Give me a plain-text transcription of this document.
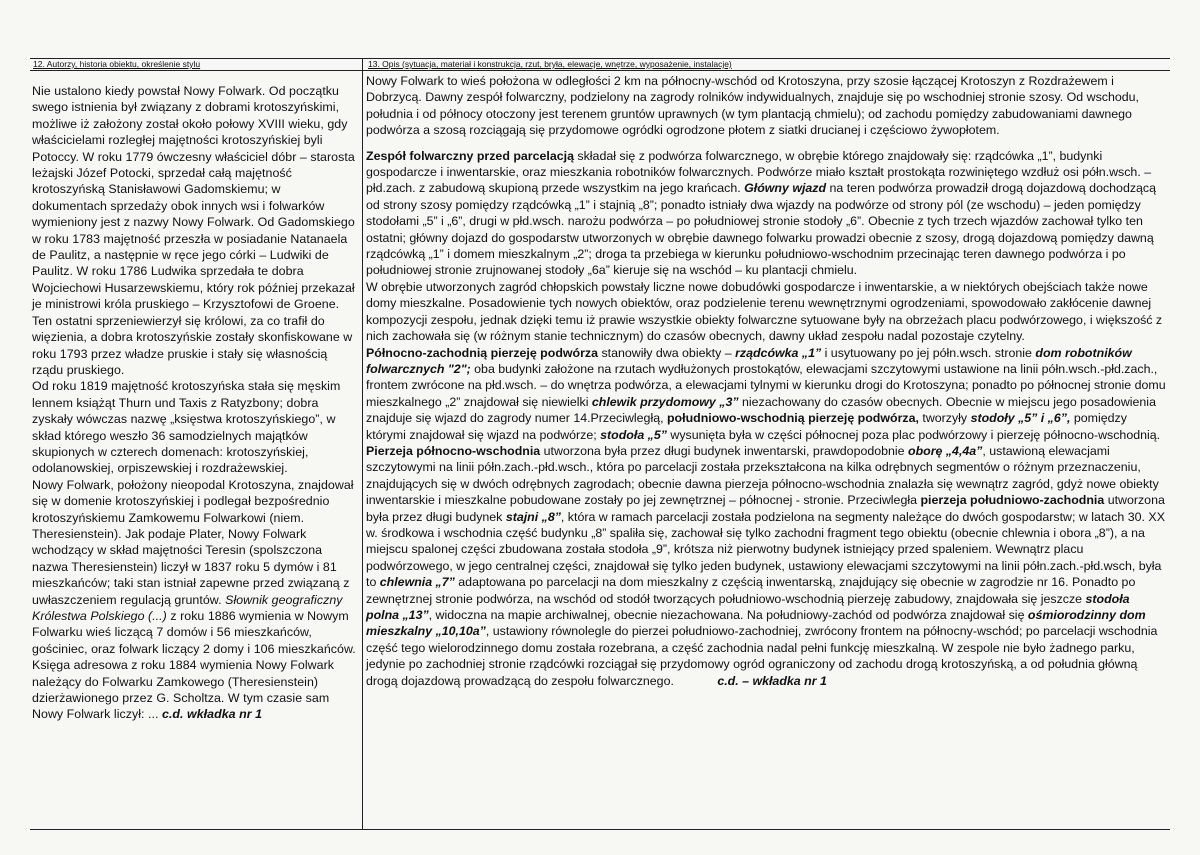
12. Autorzy, historia obiektu, określenie stylu	13. Opis (sytuacja, materiał i konstrukcja, rzut, bryła, elewacje, wnętrze, wyposażenie, instalacje)

Nie ustalono kiedy powstał Nowy Folwark. Od początku swego istnienia był związany z dobrami krotoszyńskimi, możliwe iż założony został około połowy XVIII wieku, gdy właścicielami rozległej majętności krotoszyńskiej byli Potoccy. W roku 1779 ówczesny właściciel dóbr – starosta leżajski Józef Potocki, sprzedał całą majętność krotoszyńską Stanisławowi Gadomskiemu; w dokumentach sprzedaży obok innych wsi i folwarków wymieniony jest z nazwy Nowy Folwark. Od Gadomskiego w roku 1783 majętność przeszła w posiadanie Natanaela de Paulitz, a następnie w ręce jego córki – Ludwiki de Paulitz. W roku 1786 Ludwika sprzedała te dobra Wojciechowi Husarzewskiemu, który rok później przekazał je ministrowi króla pruskiego – Krzysztofowi de Groene. Ten ostatni sprzeniewierzył się królowi, za co trafił do więzienia, a dobra krotoszyńskie zostały skonfiskowane w roku 1793 przez władze pruskie i stały się własnością rządu pruskiego.

Od roku 1819 majętność krotoszyńska stała się męskim lennem książąt Thurn und Taxis z Ratyzbony; dobra zyskały wówczas nazwę „księstwa krotoszyńskiego”, w skład którego weszło 36 samodzielnych majątków skupionych w czterech domenach: krotoszyńskiej, odolanowskiej, orpiszewskiej i rozdrażewskiej.

Nowy Folwark, położony nieopodal Krotoszyna, znajdował się w domenie krotoszyńskiej i podlegał bezpośrednio krotoszyńskiemu Zamkowemu Folwarkowi (niem. Theresienstein). Jak podaje Plater, Nowy Folwark wchodzący w skład majętności Teresin (spolszczona nazwa Theresienstein) liczył w 1837 roku 5 dymów i 81 mieszkańców; taki stan istniał zapewne przed związaną z uwłaszczeniem regulacją gruntów. Słownik geograficzny Królestwa Polskiego (...) z roku 1886 wymienia w Nowym Folwarku wieś liczącą 7 domów i 56 mieszkańców, gościniec, oraz folwark liczący 2 domy i 106 mieszkańców. Księga adresowa z roku 1884 wymienia Nowy Folwark należący do Folwarku Zamkowego (Theresienstein) dzierżawionego przez G. Scholtza. W tym czasie sam Nowy Folwark liczył: ... c.d. wkładka nr 1

Nowy Folwark to wieś położona w odległości 2 km na północny-wschód od Krotoszyna, przy szosie łączącej Krotoszyn z Rozdrażewem i Dobrzycą. Dawny zespół folwarczny, podzielony na zagrody rolników indywidualnych, znajduje się po wschodniej stronie szosy. Od wschodu, południa i od północy otoczony jest terenem gruntów uprawnych (w tym plantacją chmielu); od zachodu pomiędzy zabudowaniami dawnego podwórza a szosą rozciągają się przydomowe ogródki ogrodzone płotem z siatki drucianej i częściowo żywopłotem.

Zespół folwarczny przed parcelacją składał się z podwórza folwarcznego, w obrębie którego znajdowały się: rządcówka „1”, budynki gospodarcze i inwentarskie, oraz mieszkania robotników folwarcznych. Podwórze miało kształt prostokąta rozwiniętego wzdłuż osi półn.wsch. – płd.zach. z zabudową skupioną przede wszystkim na jego krańcach. Główny wjazd na teren podwórza prowadził drogą dojazdową dochodzącą od strony szosy pomiędzy rządcówką „1” i stajnią „8”; ponadto istniały dwa wjazdy na podwórze od strony pól (ze wschodu) – jeden pomiędzy stodołami „5” i „6”, drugi w płd.wsch. narożu podwórza – po południowej stronie stodoły „6”. Obecnie z tych trzech wjazdów zachował tylko ten ostatni; główny dojazd do gospodarstw utworzonych w obrębie dawnego folwarku prowadzi obecnie z szosy, drogą dojazdową pomiędzy dawną rządcówką „1” i domem mieszkalnym „2”; droga ta przebiega w kierunku południowo-wschodnim przecinając teren dawnego podwórza i po południowej stronie zrujnowanej stodoły „6a” kieruje się na wschód – ku plantacji chmielu.

W obrębie utworzonych zagród chłopskich powstały liczne nowe dobudówki gospodarcze i inwentarskie, a w niektórych obejściach także nowe domy mieszkalne. Posadowienie tych nowych obiektów, oraz podzielenie terenu wewnętrznymi ogrodzeniami, spowodowało zakłócenie dawnej kompozycji zespołu, jednak dzięki temu iż prawie wszystkie obiekty folwarczne sytuowane były na obrzeżach placu podwórzowego, i większość z nich zachowała się (w różnym stanie technicznym) do czasów obecnych, dawny układ zespołu nadal pozostaje czytelny.

Północno-zachodnią pierzeję podwórza stanowiły dwa obiekty – rządcówka „1” i usytuowany po jej półn.wsch. stronie dom robotników folwarcznych "2"; oba budynki założone na rzutach wydłużonych prostokątów, elewacjami szczytowymi ustawione na linii półn.wsch.-płd.zach., frontem zwrócone na płd.wsch. – do wnętrza podwórza, a elewacjami tylnymi w kierunku drogi do Krotoszyna; ponadto po północnej stronie domu mieszkalnego „2” znajdował się niewielki chlewik przydomowy „3” niezachowany do czasów obecnych. Obecnie w miejscu jego posadowienia znajduje się wjazd do zagrody numer 14.Przeciwległą, południowo-wschodnią pierzeję podwórza, tworzyły stodoły „5” i „6”, pomiędzy którymi znajdował się wjazd na podwórze; stodoła „5” wysunięta była w części północnej poza plac podwórzowy i pierzeję północno-wschodnią. Pierzeja północno-wschodnia utworzona była przez długi budynek inwentarski, prawdopodobnie oborę „4,4a”, ustawioną elewacjami szczytowymi na linii półn.zach.-płd.wsch., która po parcelacji została przekształcona na kilka odrębnych segmentów o różnym przeznaczeniu, znajdujących się w dwóch odrębnych zagrodach; obecnie dawna pierzeja północno-wschodnia znalazła się wewnątrz zagród, gdyż nowe obiekty inwentarskie i mieszkalne pobudowane zostały po jej zewnętrznej – północnej - stronie. Przeciwległa pierzeja południowo-zachodnia utworzona była przez długi budynek stajni „8”, która w ramach parcelacji została podzielona na segmenty należące do dwóch gospodarstw; w latach 30. XX w. środkowa i wschodnia część budynku „8” spaliła się, zachował się tylko zachodni fragment tego obiektu (obecnie chlewnia i obora „8”), a na miejscu spalonej części zbudowana została stodoła „9”, krótsza niż pierwotny budynek istniejący przed spaleniem. Wewnątrz placu podwórzowego, w jego centralnej części, znajdował się tylko jeden budynek, ustawiony elewacjami szczytowymi na linii półn.zach.-płd.wsch, była to chlewnia „7” adaptowana po parcelacji na dom mieszkalny z częścią inwentarską, znajdujący się obecnie w zagrodzie nr 16. Ponadto po zewnętrznej stronie podwórza, na wschód od stodół tworzących południowo-wschodnią pierzeję zabudowy, znajdowała się jeszcze stodoła polna „13”, widoczna na mapie archiwalnej, obecnie niezachowana. Na południowy-zachód od podwórza znajdował się ośmiorodzinny dom mieszkalny „10,10a”, ustawiony równolegle do pierzei południowo-zachodniej, zwrócony frontem na północny-wschód; po parcelacji wschodnia część tego wielorodzinnego domu została rozebrana, a część zachodnia nadal pełni funkcję mieszkalną. W zespole nie było żadnego parku, jedynie po zachodniej stronie rządcówki rozciągał się przydomowy ogród ograniczony od zachodu drogą krotoszyńską, a od południa główną drogą dojazdową prowadzącą do zespołu folwarcznego.	c.d. – wkładka nr 1
